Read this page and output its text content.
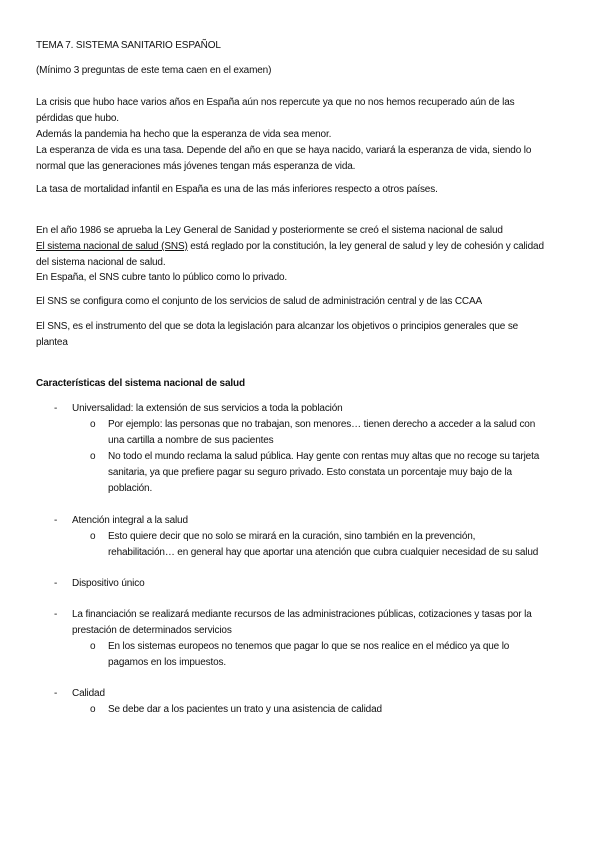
TEMA 7. SISTEMA SANITARIO ESPAÑOL
(Mínimo 3 preguntas de este tema caen en el examen)
La crisis que hubo hace varios años en España aún nos repercute ya que no nos hemos recuperado aún de las
pérdidas que hubo.
Además la pandemia ha hecho que la esperanza de vida sea menor.
La esperanza de vida es una tasa. Depende del año en que se haya nacido, variará la esperanza de vida, siendo lo
normal que las generaciones más jóvenes tengan más esperanza de vida.
La tasa de mortalidad infantil en España es una de las más inferiores respecto a otros países.
En el año 1986 se aprueba la Ley General de Sanidad y posteriormente se creó el sistema nacional de salud
El sistema nacional de salud (SNS) está reglado por la constitución, la ley general de salud y ley de cohesión y calidad
del sistema nacional de salud.
En España, el SNS cubre tanto lo público como lo privado.
El SNS se configura como el conjunto de los servicios de salud de administración central y de las CCAA
El SNS, es el instrumento del que se dota la legislación para alcanzar los objetivos o principios generales que se
plantea
Características del sistema nacional de salud
- Universalidad: la extensión de sus servicios a toda la población
o Por ejemplo: las personas que no trabajan, son menores… tienen derecho a acceder a la salud con
una cartilla a nombre de sus pacientes
o No todo el mundo reclama la salud pública. Hay gente con rentas muy altas que no recoge su tarjeta
sanitaria, ya que prefiere pagar su seguro privado. Esto constata un porcentaje muy bajo de la
población.
- Atención integral a la salud
o Esto quiere decir que no solo se mirará en la curación, sino también en la prevención,
rehabilitación… en general hay que aportar una atención que cubra cualquier necesidad de su salud
- Dispositivo único
- La financiación se realizará mediante recursos de las administraciones públicas, cotizaciones y tasas por la
prestación de determinados servicios
o En los sistemas europeos no tenemos que pagar lo que se nos realice en el médico ya que lo
pagamos en los impuestos.
- Calidad
o Se debe dar a los pacientes un trato y una asistencia de calidad
